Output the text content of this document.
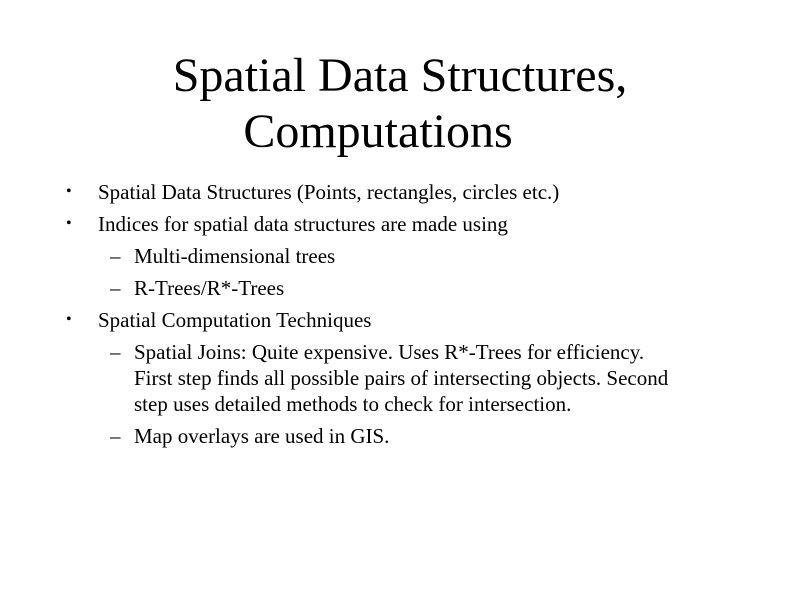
Spatial Data Structures,
Computations
• Spatial Data Structures (Points, rectangles, circles etc.)
• Indices for spatial data structures are made using
– Multi-dimensional trees
– R-Trees/R*-Trees
• Spatial Computation Techniques
– Spatial Joins: Quite expensive. Uses R*-Trees for efficiency.
First step finds all possible pairs of intersecting objects. Second
step uses detailed methods to check for intersection.
– Map overlays are used in GIS.
